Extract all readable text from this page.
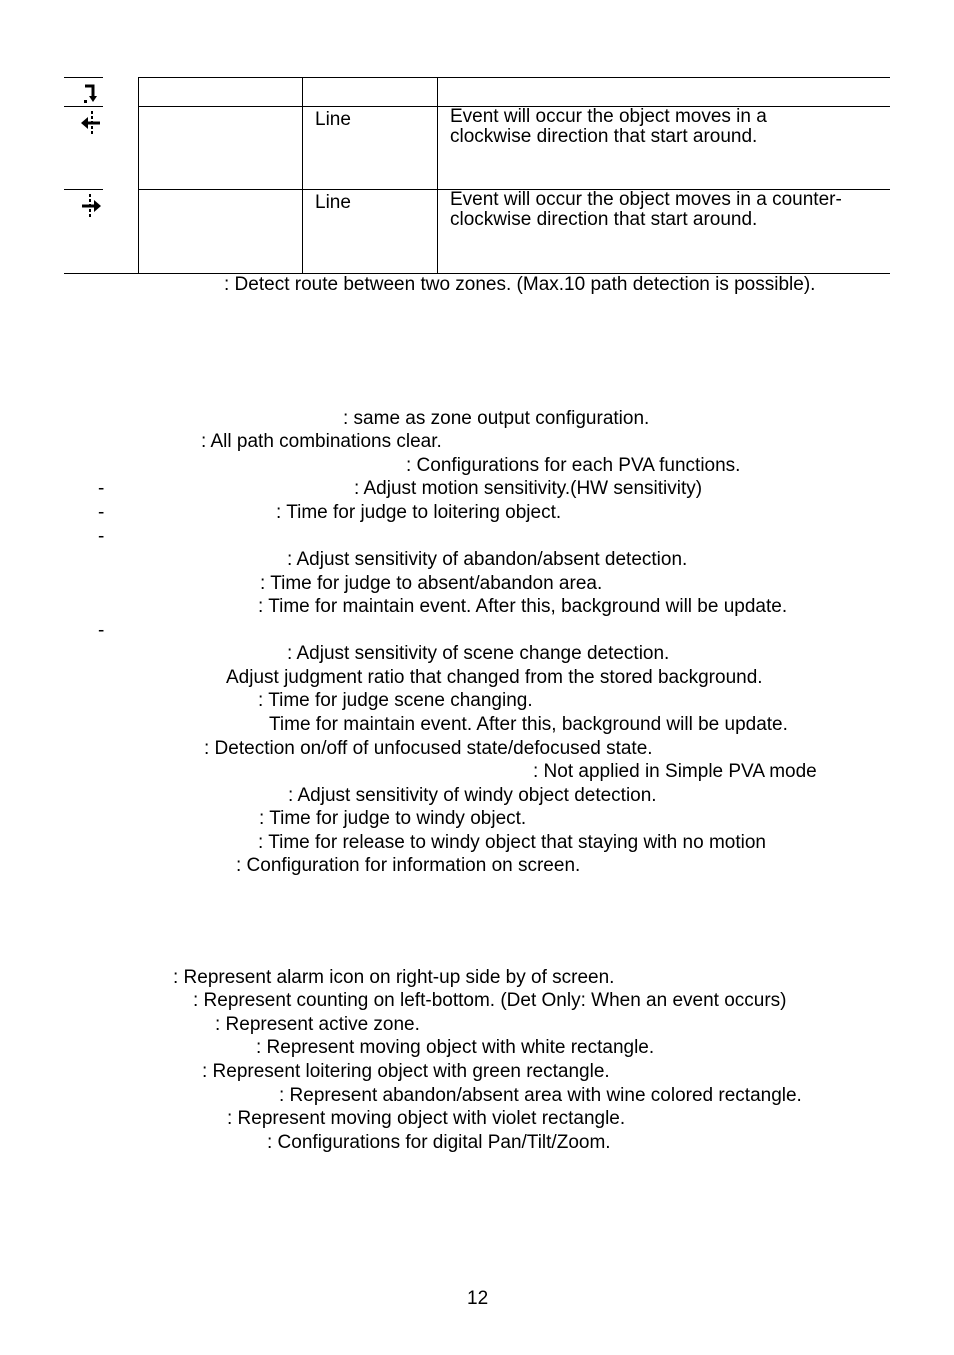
Line	Event will occur the object moves in a
clockwise direction that start around.
Line	Event will occur the object moves in a counter-
clockwise direction that start around.
: Detect route between two zones. (Max.10 path detection is possible).
: same as zone output configuration.
: All path combinations clear.
: Configurations for each PVA functions.
-	: Adjust motion sensitivity.(HW sensitivity)
-	: Time for judge to loitering object.
-
: Adjust sensitivity of abandon/absent detection.
: Time for judge to absent/abandon area.
: Time for maintain event. After this, background will be update.
-
: Adjust sensitivity of scene change detection.
Adjust judgment ratio that changed from the stored background.
: Time for judge scene changing.
Time for maintain event. After this, background will be update.
: Detection on/off of unfocused state/defocused state.
: Not applied in Simple PVA mode
: Adjust sensitivity of windy object detection.
: Time for judge to windy object.
: Time for release to windy object that staying with no motion
: Configuration for information on screen.
: Represent alarm icon on right-up side by of screen.
: Represent counting on left-bottom. (Det Only: When an event occurs)
: Represent active zone.
: Represent moving object with white rectangle.
: Represent loitering object with green rectangle.
: Represent abandon/absent area with wine colored rectangle.
: Represent moving object with violet rectangle.
: Configurations for digital Pan/Tilt/Zoom.
12
